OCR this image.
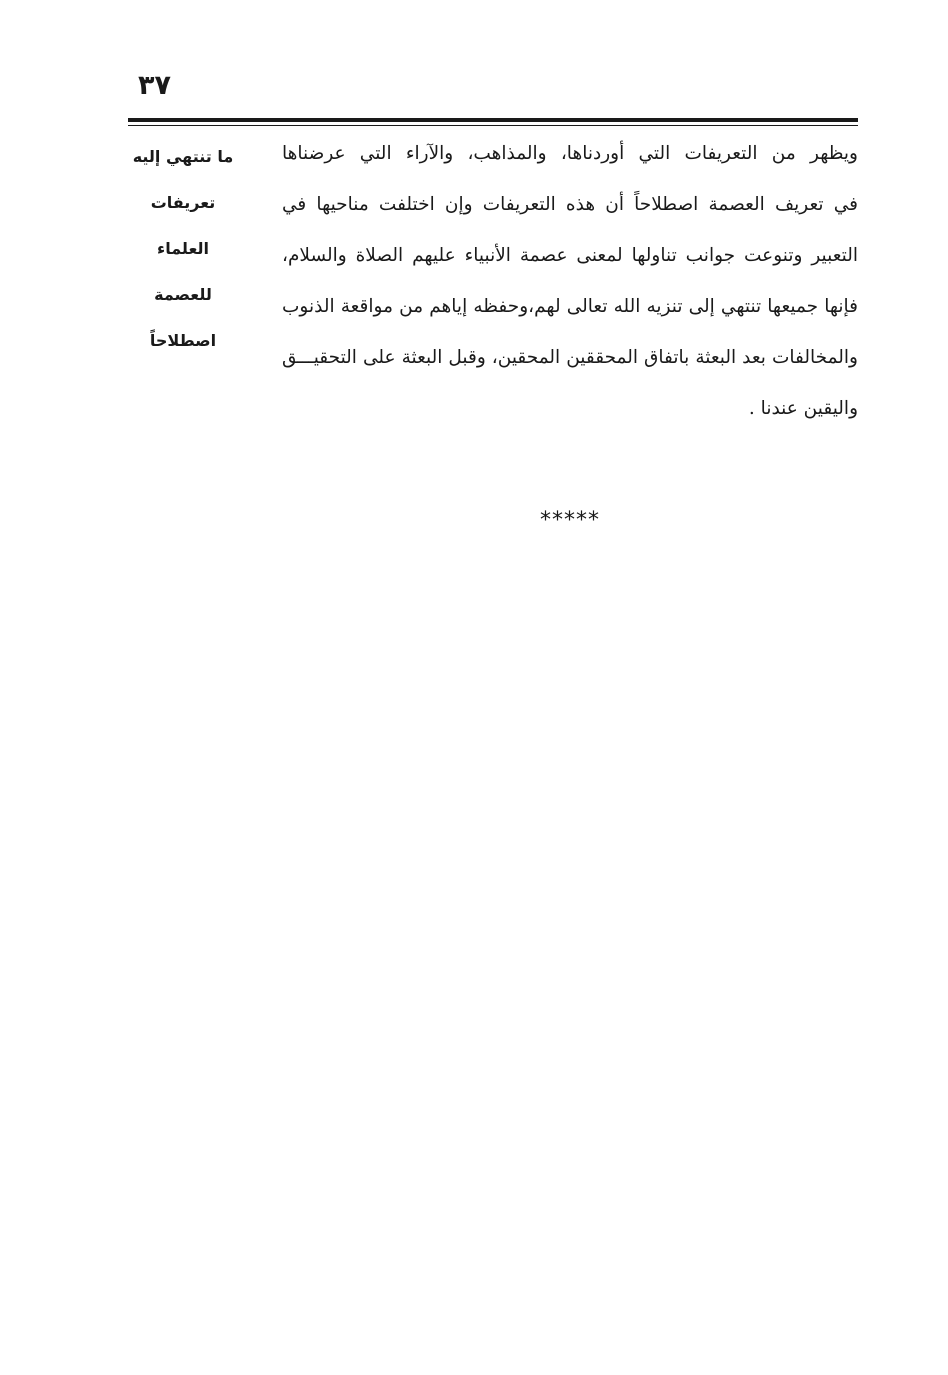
٣٧
ما تنتهي إليه
تعريفات
العلماء
للعصمة
اصطلاحاً
ويظهر من التعريفات التي أوردناها، والمذاهب، والآراء التي عرضناها
في تعريف العصمة اصطلاحاً أن هذه التعريفات وإن اختلفت مناحيها في
التعبير وتنوعت جوانب تناولها لمعنى عصمة الأنبياء عليهم الصلاة والسلام،
فإنها جميعها تنتهي إلى تنزيه الله تعالى لهم،وحفظه إياهم من مواقعة الذنوب
والمخالفات بعد البعثة باتفاق المحققين المحقين، وقبل البعثة على التحقيـــق
واليقين عندنا .
*****
